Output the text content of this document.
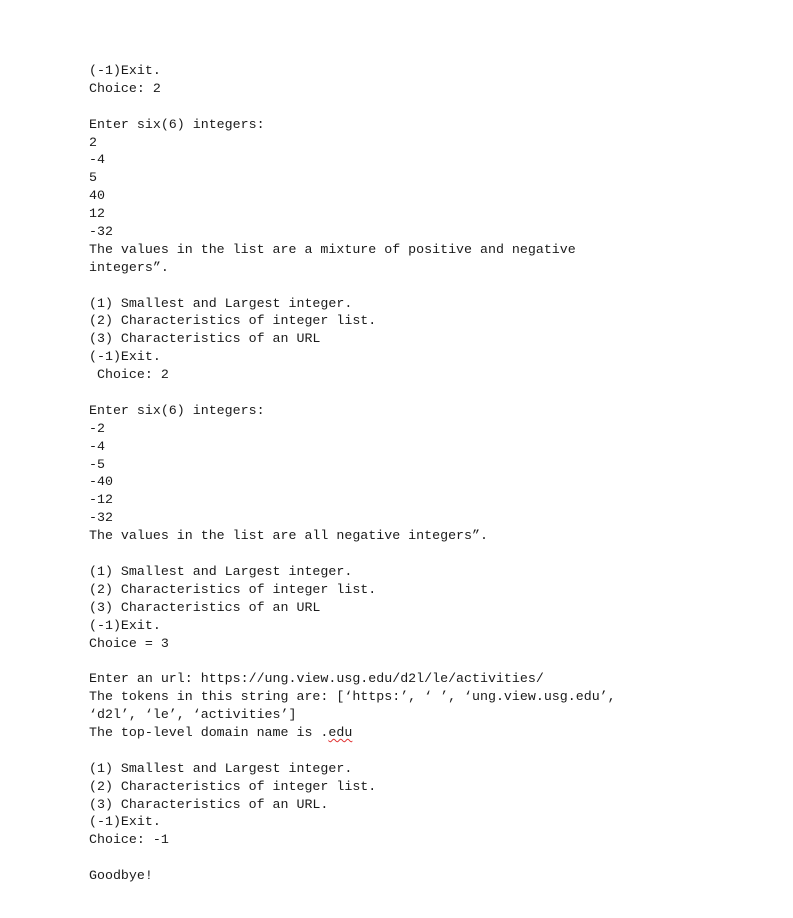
(-1)Exit.
Choice: 2
Enter six(6) integers:
2
-4
5
40
12
-32
The values in the list are a mixture of positive and negative
integers”.
(1) Smallest and Largest integer.
(2) Characteristics of integer list.
(3) Characteristics of an URL
(-1)Exit.
Choice: 2
Enter six(6) integers:
-2
-4
-5
-40
-12
-32
The values in the list are all negative integers”.
(1) Smallest and Largest integer.
(2) Characteristics of integer list.
(3) Characteristics of an URL
(-1)Exit.
Choice = 3
Enter an url: https://ung.view.usg.edu/d2l/le/activities/
The tokens in this string are: [‘https:’, ‘ ’, ‘ung.view.usg.edu’,
‘d2l’, ‘le’, ‘activities’]
The top-level domain name is .edu
(1) Smallest and Largest integer.
(2) Characteristics of integer list.
(3) Characteristics of an URL.
(-1)Exit.
Choice: -1
Goodbye!
